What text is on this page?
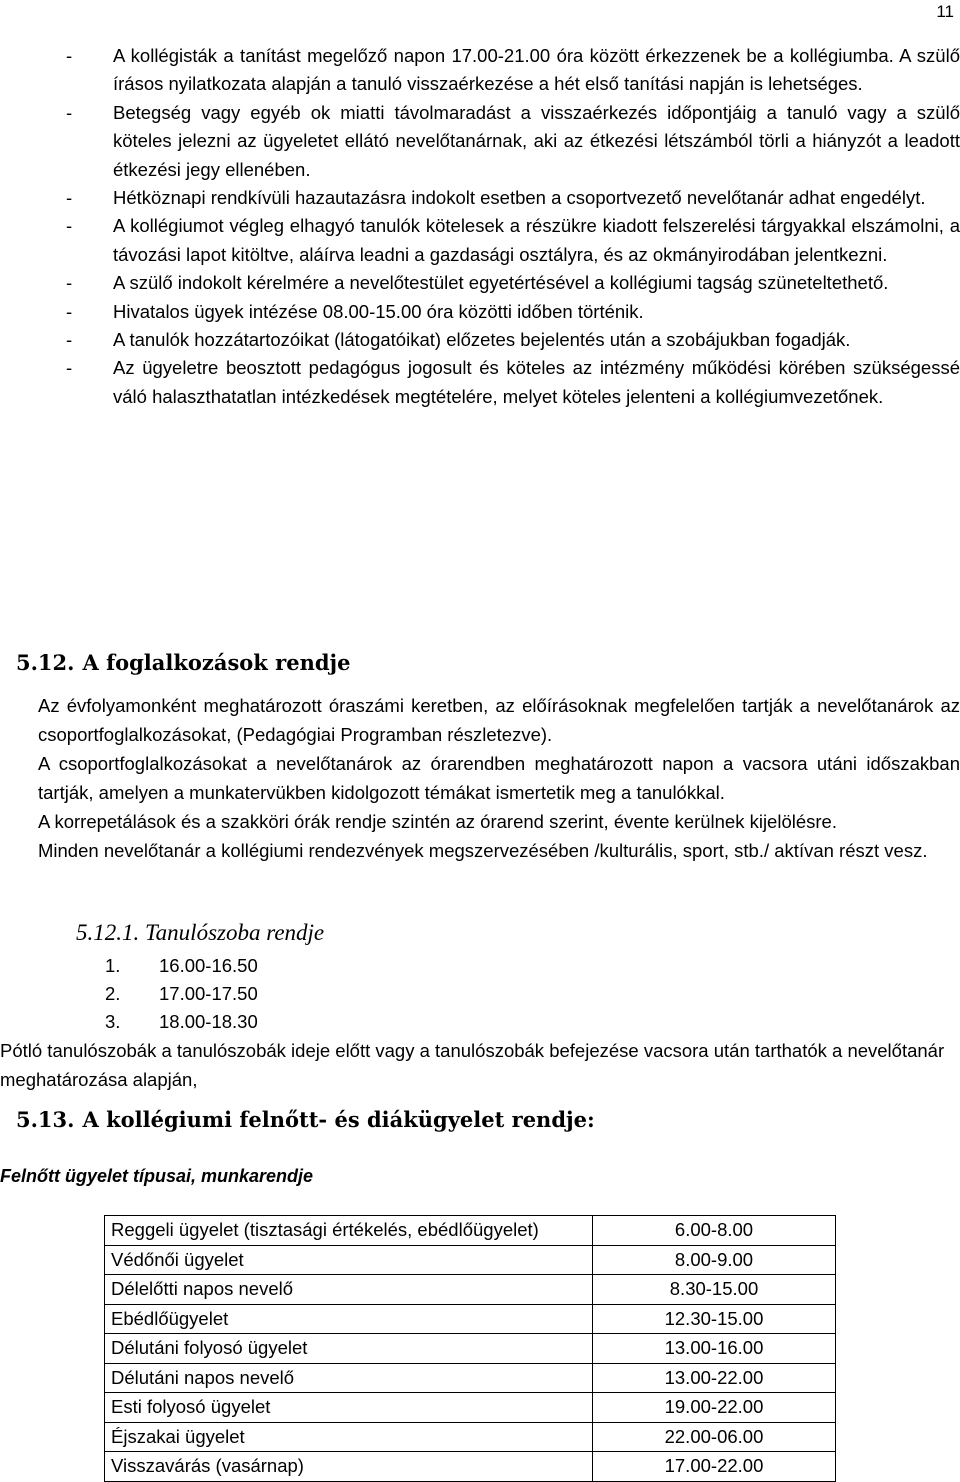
11
- A kollégisták a tanítást megelőző napon 17.00-21.00 óra között érkezzenek be a kollégiumba. A szülő írásos nyilatkozata alapján a tanuló visszaérkezése a hét első tanítási napján is lehetséges.
- Betegség vagy egyéb ok miatti távolmaradást a visszaérkezés időpontjáig a tanuló vagy a szülő köteles jelezni az ügyeletet ellátó nevelőtanárnak, aki az étkezési létszámból törli a hiányzót a leadott étkezési jegy ellenében.
- Hétköznapi rendkívüli hazautazásra indokolt esetben a csoportvezető nevelőtanár adhat engedélyt.
- A kollégiumot végleg elhagyó tanulók kötelesek a részükre kiadott felszerelési tárgyakkal elszámolni, a távozási lapot kitöltve, aláírva leadni a gazdasági osztályra, és az okmányirodában jelentkezni.
- A szülő indokolt kérelmére a nevelőtestület egyetértésével a kollégiumi tagság szüneteltethető.
- Hivatalos ügyek intézése 08.00-15.00 óra közötti időben történik.
- A tanulók hozzátartozóikat (látogatóikat) előzetes bejelentés után a szobájukban fogadják.
- Az ügyeletre beosztott pedagógus jogosult és köteles az intézmény működési körében szükségessé váló halaszthatatlan intézkedések megtételére, melyet köteles jelenteni a kollégiumvezetőnek.
5.12. A foglalkozások rendje

Az évfolyamonként meghatározott óraszámi keretben, az előírásoknak megfelelően tartják a nevelőtanárok az csoportfoglalkozásokat, (Pedagógiai Programban részletezve).

A csoportfoglalkozásokat a nevelőtanárok az órarendben meghatározott napon a vacsora utáni időszakban tartják, amelyen a munkatervükben kidolgozott témákat ismertetik meg a tanulókkal.

A korrepetálások és a szakköri órák rendje szintén az órarend szerint, évente kerülnek kijelölésre.

Minden nevelőtanár a kollégiumi rendezvények megszervezésében /kulturális, sport, stb./ aktívan részt vesz.

5.12.1. Tanulószoba rendje
1. 16.00-16.50
2. 17.00-17.50
3. 18.00-18.30

Pótló tanulószobák a tanulószobák ideje előtt vagy a tanulószobák befejezése vacsora után tarthatók a nevelőtanár meghatározása alapján,

5.13. A kollégiumi felnőtt- és diákügyelet rendje:
Felnőtt ügyelet típusai, munkarendje
Reggeli ügyelet (tisztasági értékelés, ebédlőügyelet)	6.00-8.00
Védőnői ügyelet	8.00-9.00
Délelőtti napos nevelő	8.30-15.00
Ebédlőügyelet	12.30-15.00
Délutáni folyosó ügyelet	13.00-16.00
Délutáni napos nevelő	13.00-22.00
Esti folyosó ügyelet	19.00-22.00
Éjszakai ügyelet	22.00-06.00
Visszavárás (vasárnap)	17.00-22.00
